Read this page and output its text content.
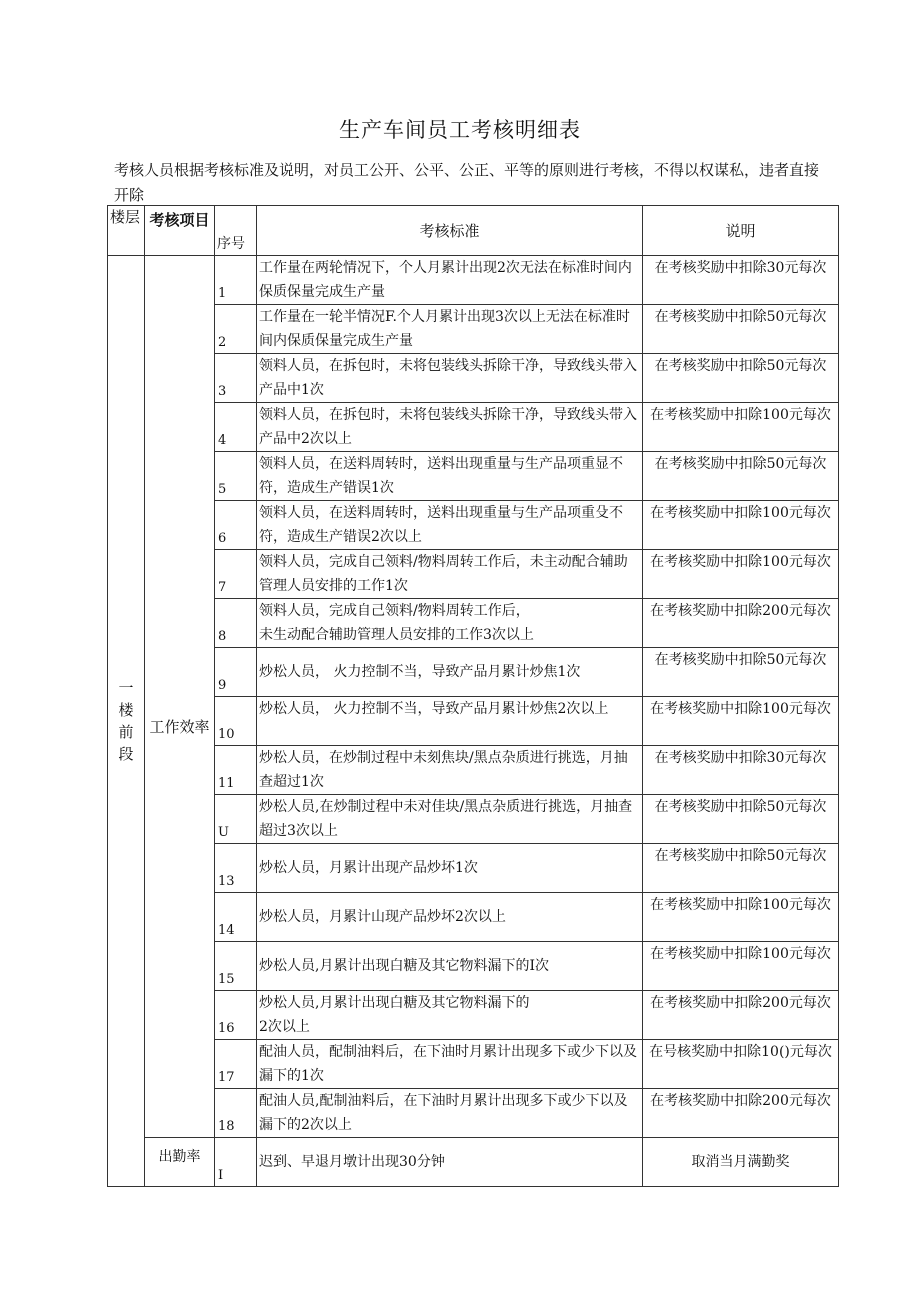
生产车间员工考核明细表
考核人员根据考核标准及说明，对员工公开、公平、公正、平等的原则进行考核，不得以权谋私，违者直接开除
楼层	考核项目	序号	考核标准	说明
一楼前段	工作效率	1	工作量在两轮情况下，个人月累计出现2次无法在标准时间内保质保量完成生产量	在考核奖励中扣除30元每次
		2	工作量在一轮半情况F.个人月累计出现3次以上无法在标准时间内保质保量完成生产量	在考核奖励中扣除50元每次
		3	领料人员，在拆包时，未将包装线头拆除干净，导致线头带入产品中1次	在考核奖励中扣除50元每次
		4	领料人员，在拆包时，未将包装线头拆除干净，导致线头带入产品中2次以上	在考核奖励中扣除100元每次
		5	领料人员，在送料周转时，送料出现重量与生产品项重显不符，造成生产错误1次	在考核奖励中扣除50元每次
		6	领料人员，在送料周转时，送料出现重量与生产品项重殳不符，造成生产错误2次以上	在考核奖励中扣除100元每次
		7	领料人员，完成自己领料/物料周转工作后，未主动配合辅助管理人员安排的工作1次	在考核奖励中扣除100元每次
		8	领料人员，完成自己领料/物料周转工作后，
未生动配合辅助管理人员安排的工作3次以上	在考核奖励中扣除200元每次
		9	炒松人员， 火力控制不当，导致产品月累计炒焦1次	在考核奖励中扣除50元每次
		10	炒松人员， 火力控制不当，导致产品月累计炒焦2次以上	在考核奖励中扣除100元每次
		11	炒松人员，在炒制过程中未刻焦块/黑点杂质进行挑选，月抽查超过1次	在考核奖励中扣除30元每次
		U	炒松人员,在炒制过程中未对佳块/黑点杂质进行挑选，月抽查超过3次以上	在考核奖励中扣除50元每次
		13	炒松人员，月累计出现产品炒坏1次	在考核奖励中扣除50元每次
		14	炒松人员，月累计山现产品炒坏2次以上	在考核奖励中扣除100元每次
		15	炒松人员,月累计出现白糖及其它物料漏下的I次	在考核奖励中扣除100元每次
		16	炒松人员,月累计出现白糖及其它物料漏下的
2次以上	在考核奖励中扣除200元每次
		17	配油人员，配制油料后，在下油时月累计出现多下或少下以及漏下的1次	在号核奖励中扣除10()元每次
		18	配油人员,配制油料后，在下油时月累计出现多下或少下以及漏下的2次以上	在考核奖励中扣除200元每次
	出勤率	I	迟到、早退月墩计出现30分钟	取消当月满勤奖
